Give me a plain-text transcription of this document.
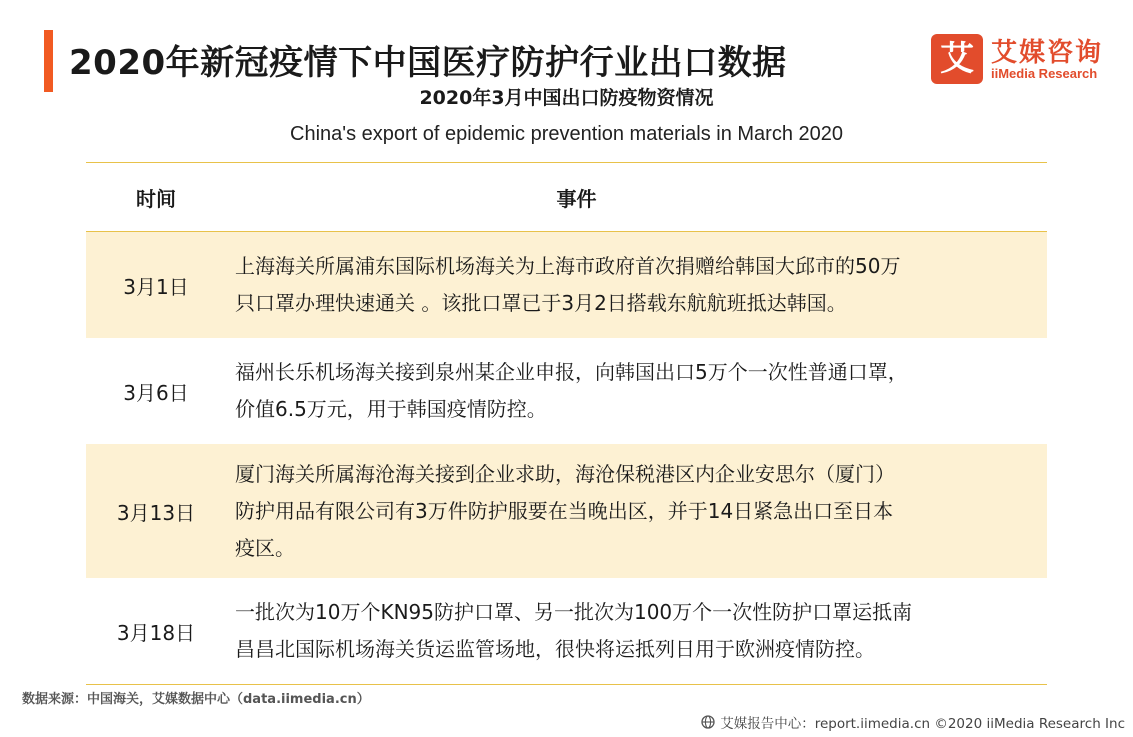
2020年新冠疫情下中国医疗防护行业出口数据
2020年3月中国出口防疫物资情况
China's export of epidemic prevention materials in March 2020
艾 艾媒咨询
iiMedia Research
时间	事件
3月1日
上海海关所属浦东国际机场海关为上海市政府首次捐赠给韩国大邱市的50万
只口罩办理快速通关 。该批口罩已于3月2日搭载东航航班抵达韩国。
3月6日
福州长乐机场海关接到泉州某企业申报，向韩国出口5万个一次性普通口罩，
价值6.5万元，用于韩国疫情防控。
3月13日
厦门海关所属海沧海关接到企业求助，海沧保税港区内企业安思尔（厦门）
防护用品有限公司有3万件防护服要在当晚出区，并于14日紧急出口至日本
疫区。
3月18日
一批次为10万个KN95防护口罩、另一批次为100万个一次性防护口罩运抵南
昌昌北国际机场海关货运监管场地，很快将运抵列日用于欧洲疫情防控。
数据来源：中国海关，艾媒数据中心（data.iimedia.cn）
艾媒报告中心：report.iimedia.cn ©2020 iiMedia Research Inc
